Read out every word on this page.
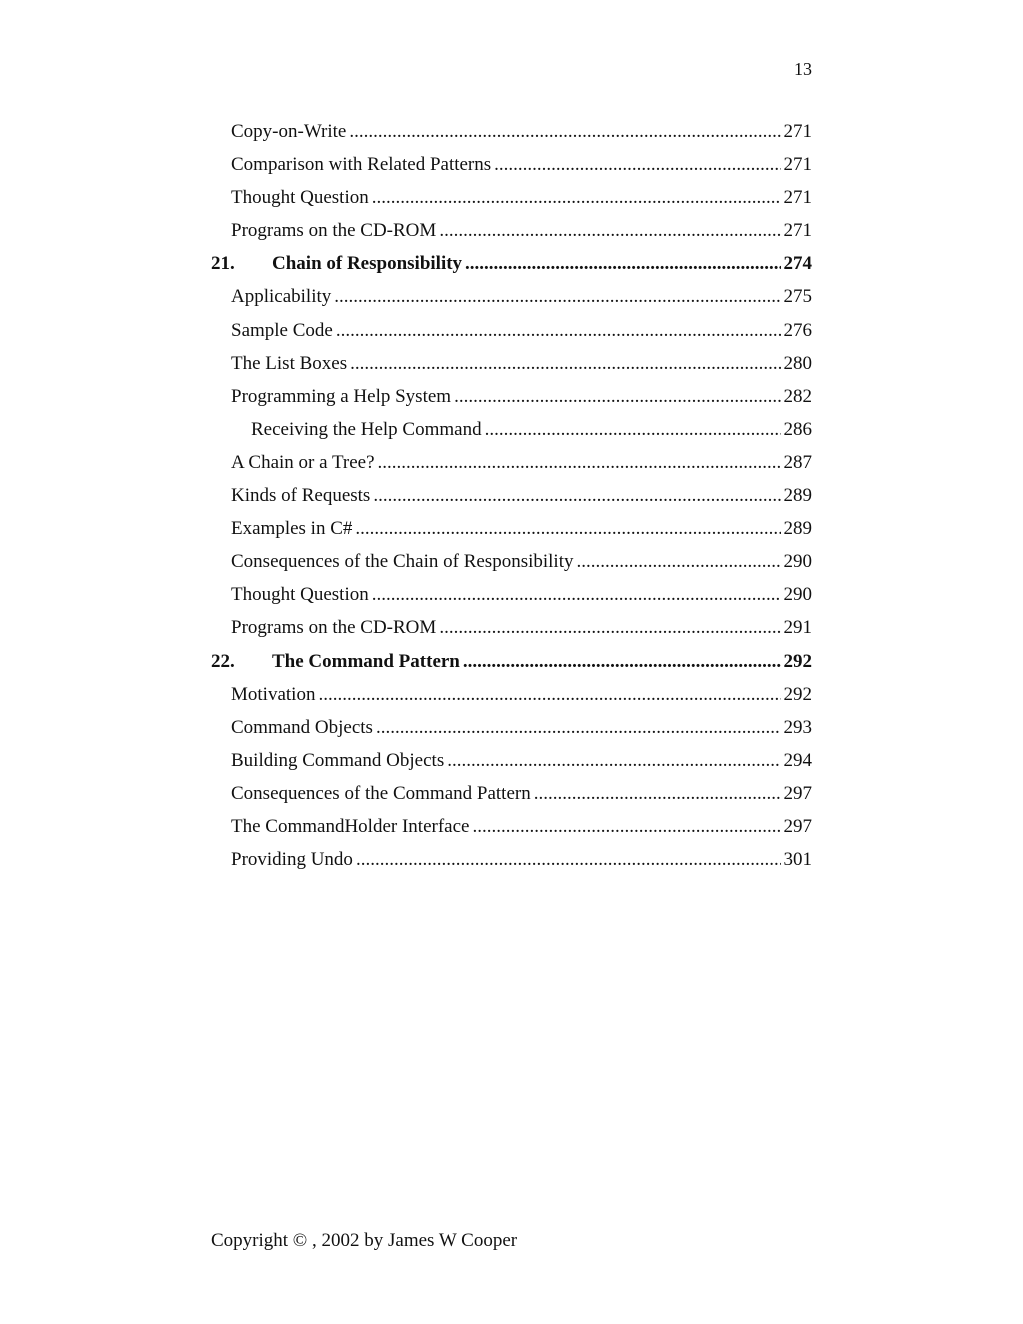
13
Copy-on-Write .....	271
Comparison with Related Patterns .....	271
Thought Question .....	271
Programs on the CD-ROM .....	271
21.	Chain of Responsibility .....	274
Applicability .....	275
Sample Code .....	276
The List Boxes .....	280
Programming a Help System .....	282
Receiving the Help Command .....	286
A Chain or a Tree? .....	287
Kinds of Requests .....	289
Examples in C# .....	289
Consequences of the Chain of Responsibility .....	290
Thought Question .....	290
Programs on the CD-ROM .....	291
22.	The Command Pattern .....	292
Motivation .....	292
Command Objects .....	293
Building Command Objects .....	294
Consequences of the Command Pattern .....	297
The CommandHolder Interface .....	297
Providing Undo .....	301
Copyright © , 2002 by James W Cooper
